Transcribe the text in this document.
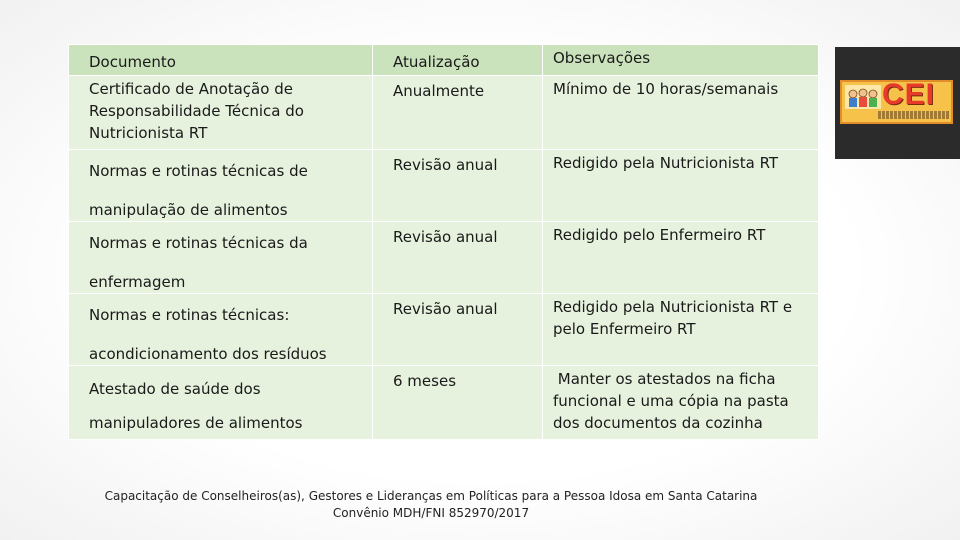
Documento	Atualização	Observações
Certificado de Anotação de Responsabilidade Técnica do Nutricionista RT	Anualmente	Mínimo de 10 horas/semanais

Normas e rotinas técnicas de
manipulação de alimentos	Revisão anual	Redigido pela Nutricionista RT

Normas e rotinas técnicas da
enfermagem	Revisão anual	Redigido pelo Enfermeiro RT

Normas e rotinas técnicas:
acondicionamento dos resíduos	Revisão anual	Redigido pela Nutricionista RT e pelo Enfermeiro RT

Atestado de saúde dos
manipuladores de alimentos	6 meses	Manter os atestados na ficha funcional e uma cópia na pasta dos documentos da cozinha
CEI
Capacitação de Conselheiros(as), Gestores e Lideranças em Políticas para a Pessoa Idosa em Santa Catarina
Convênio MDH/FNI 852970/2017
